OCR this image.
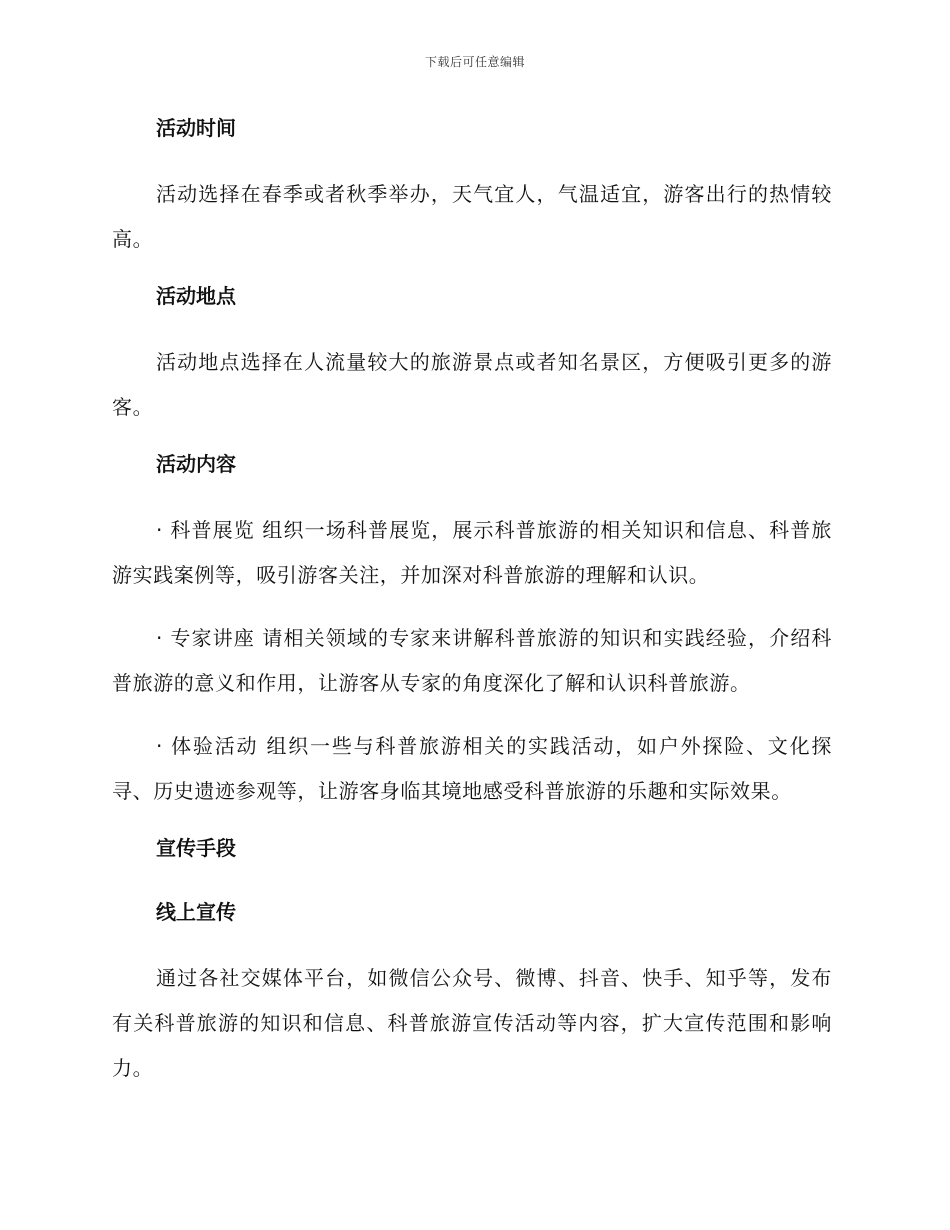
下载后可任意编辑
活动时间

活动选择在春季或者秋季举办，天气宜人，气温适宜，游客出行的热情较高。

活动地点

活动地点选择在人流量较大的旅游景点或者知名景区，方便吸引更多的游客。

活动内容

· 科普展览 组织一场科普展览，展示科普旅游的相关知识和信息、科普旅游实践案例等，吸引游客关注，并加深对科普旅游的理解和认识。

· 专家讲座 请相关领域的专家来讲解科普旅游的知识和实践经验，介绍科普旅游的意义和作用，让游客从专家的角度深化了解和认识科普旅游。

· 体验活动 组织一些与科普旅游相关的实践活动，如户外探险、文化探寻、历史遗迹参观等，让游客身临其境地感受科普旅游的乐趣和实际效果。

宣传手段
线上宣传

通过各社交媒体平台，如微信公众号、微博、抖音、快手、知乎等，发布有关科普旅游的知识和信息、科普旅游宣传活动等内容，扩大宣传范围和影响力。
